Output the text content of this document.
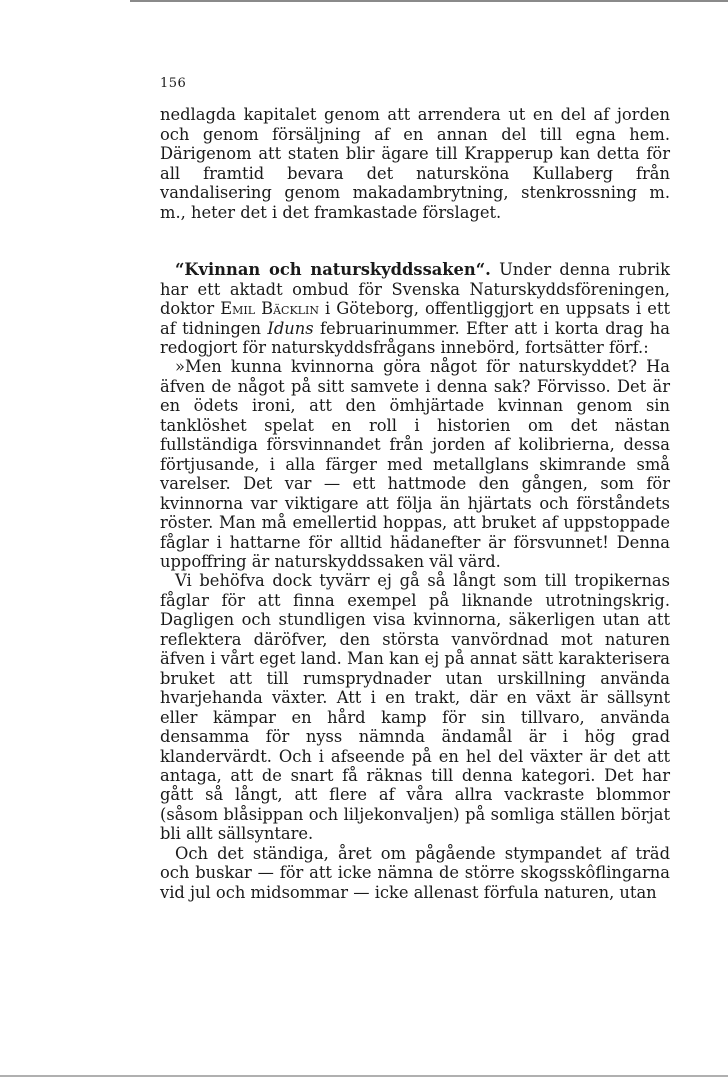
156
nedlagda kapitalet genom att arrendera ut en del af jorden och genom försäljning af en annan del till egna hem. Därigenom att staten blir ägare till Krapperup kan detta för all framtid bevara det natursköna Kullaberg från vandalisering genom makadambrytning, stenkrossning m. m., heter det i det framkastade förslaget.
“Kvinnan och naturskyddssaken“. Under denna rubrik har ett aktadt ombud för Svenska Naturskyddsföreningen, doktor Emil Bäcklin i Göteborg, offentliggjort en uppsats i ett af tidningen Iduns februarinummer. Efter att i korta drag ha redogjort för naturskyddsfrågans innebörd, fortsätter förf.:
»Men kunna kvinnorna göra något för naturskyddet? Ha äfven de något på sitt samvete i denna sak? Förvisso. Det är en ödets ironi, att den ömhjärtade kvinnan genom sin tanklöshet spelat en roll i historien om det nästan fullständiga försvinnandet från jorden af kolibrierna, dessa förtjusande, i alla färger med metallglans skimrande små varelser. Det var — ett hattmode den gången, som för kvinnorna var viktigare att följa än hjärtats och förståndets röster. Man må emellertid hoppas, att bruket af uppstoppade fåglar i hattarne för alltid hädanefter är försvunnet! Denna uppoffring är naturskyddssaken väl värd.
Vi behöfva dock tyvärr ej gå så långt som till tropikernas fåglar för att finna exempel på liknande utrotningskrig. Dagligen och stundligen visa kvinnorna, säkerligen utan att reflektera däröfver, den största vanvördnad mot naturen äfven i vårt eget land. Man kan ej på annat sätt karakterisera bruket att till rumsprydnader utan urskillning använda hvarjehanda växter. Att i en trakt, där en växt är sällsynt eller kämpar en hård kamp för sin tillvaro, använda densamma för nyss nämnda ändamål är i hög grad klandervärdt. Och i afseende på en hel del växter är det att antaga, att de snart få räknas till denna kategori. Det har gått så långt, att flere af våra allra vackraste blommor (såsom blåsippan och liljekonvaljen) på somliga ställen börjat bli allt sällsyntare.
Och det ständiga, året om pågående stympandet af träd och buskar — för att icke nämna de större skogsskôflingarna vid jul och midsommar — icke allenast förfula naturen, utan
